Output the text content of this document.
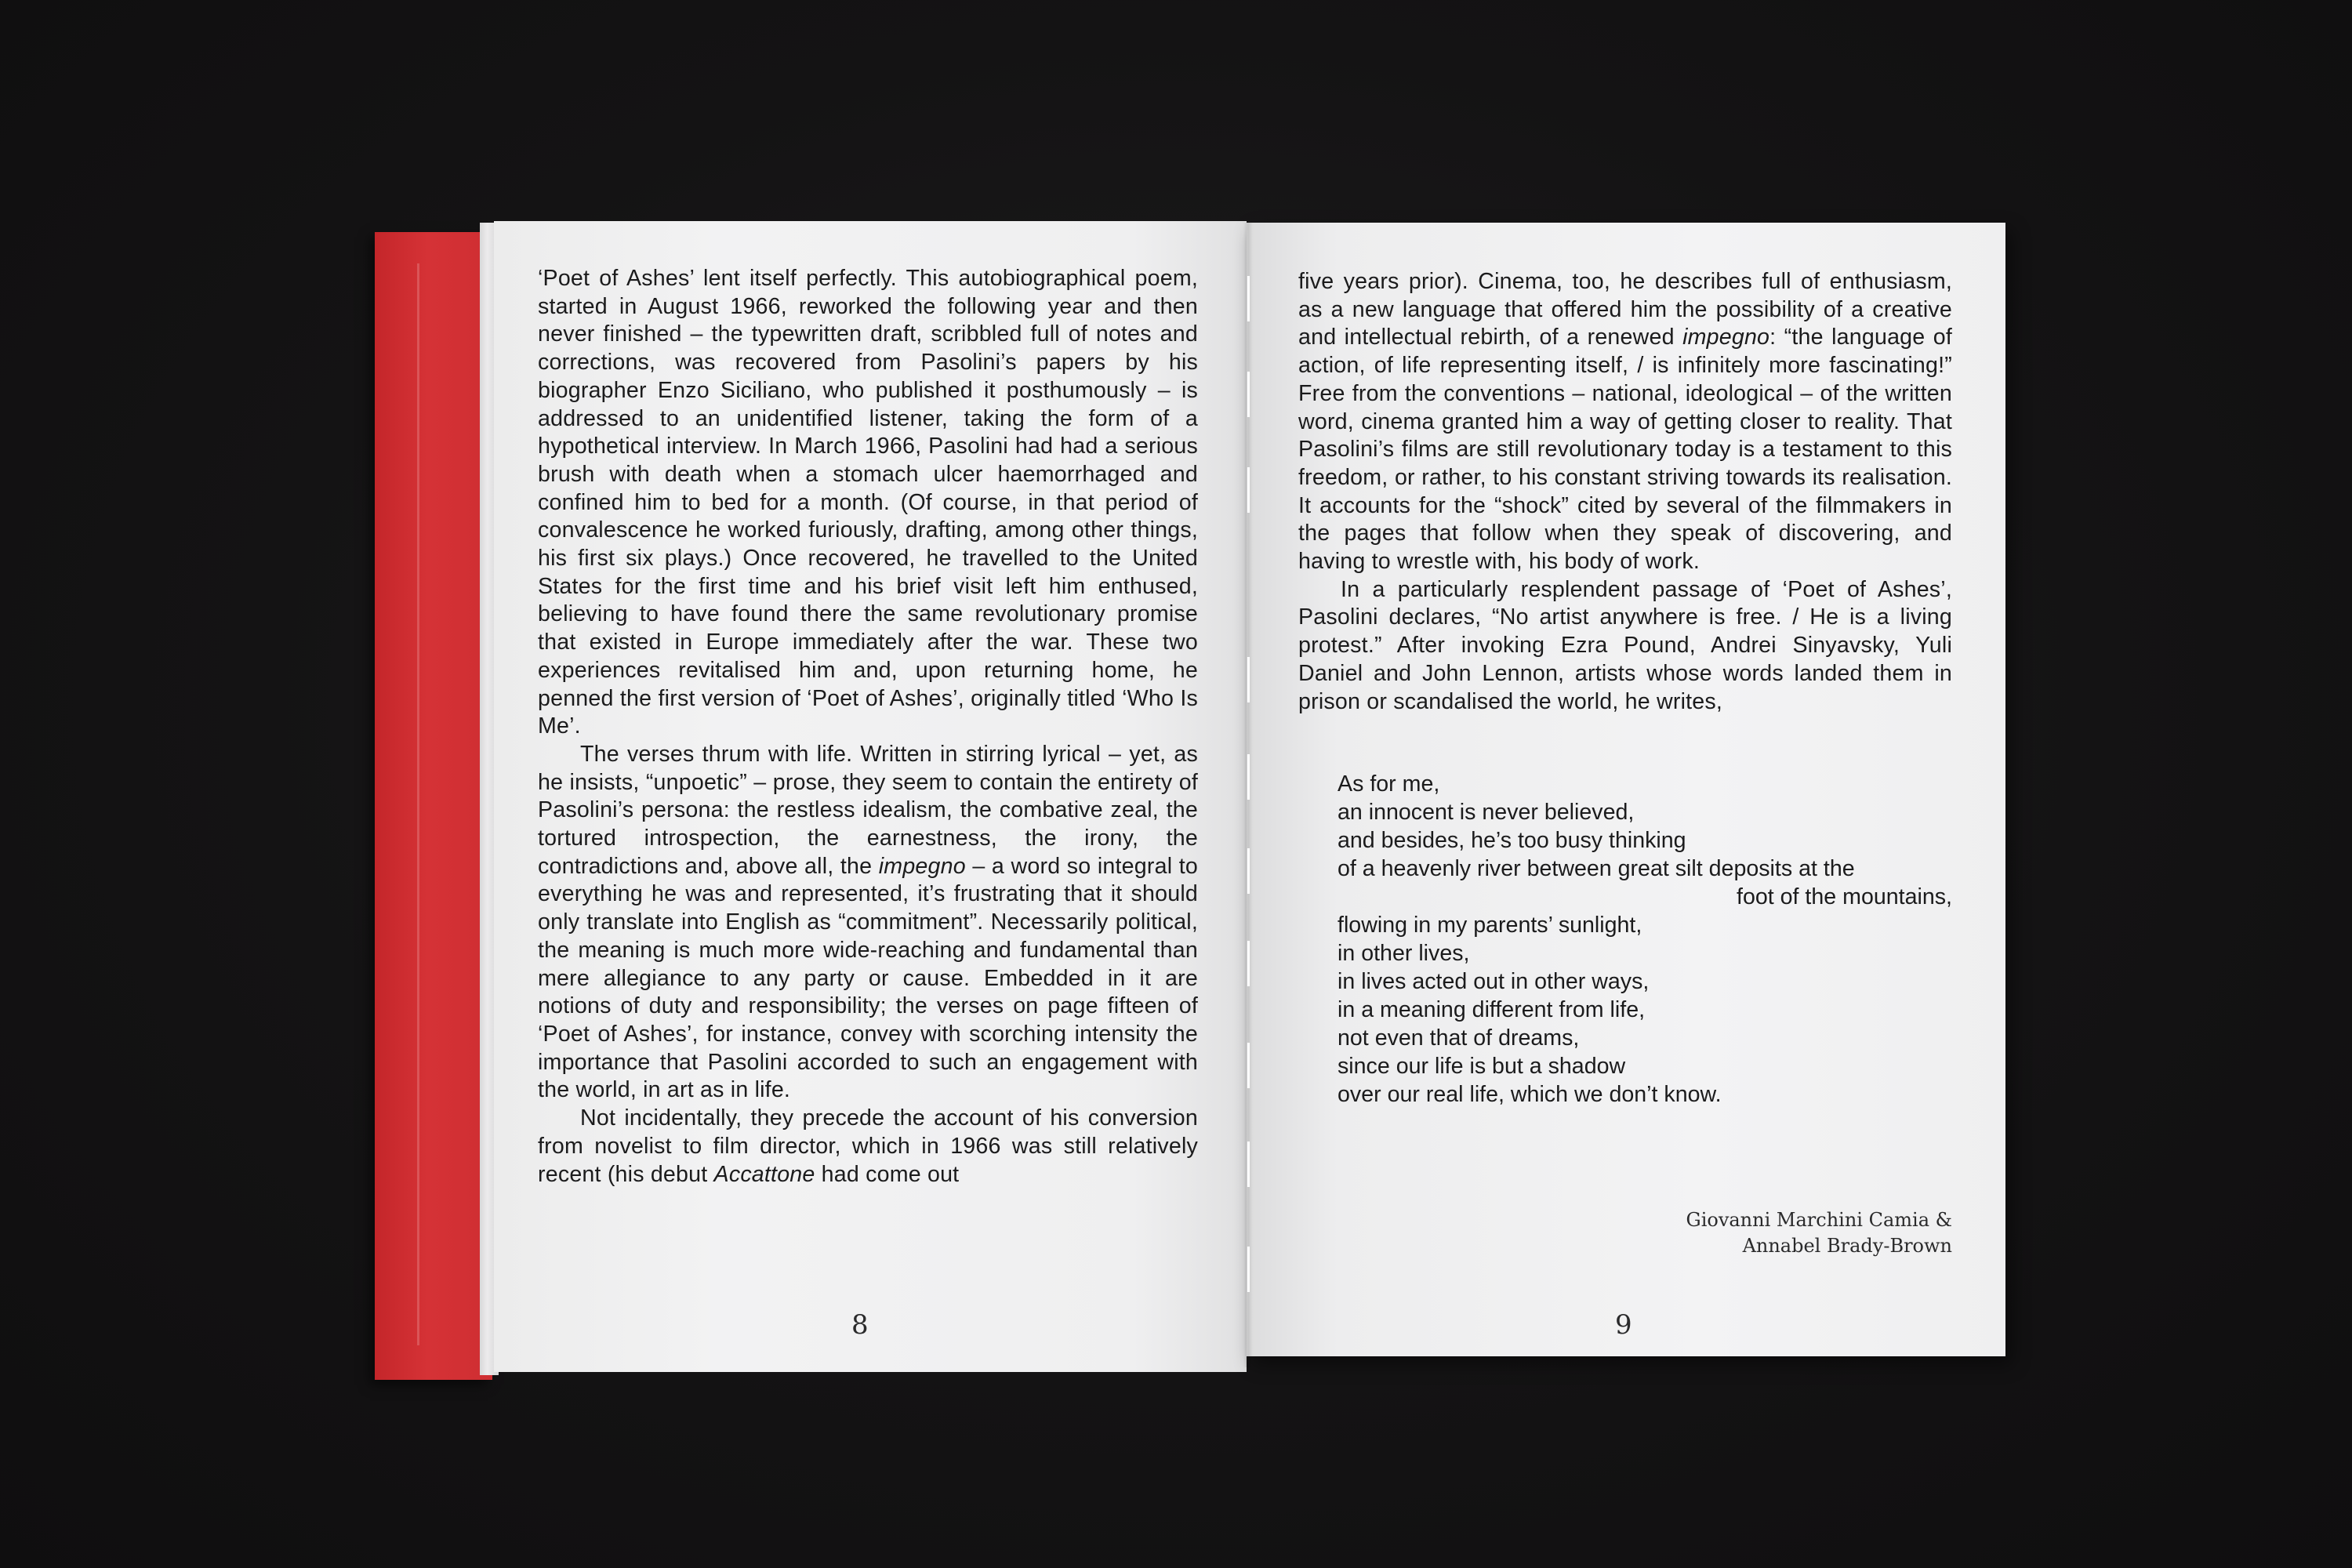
‘Poet of Ashes’ lent itself perfectly. This autobiographical poem, started in August 1966, reworked the following year and then never finished – the typewritten draft, scribbled full of notes and corrections, was recovered from Pasolini’s papers by his biographer Enzo Siciliano, who published it posthumously – is addressed to an unidentified listener, taking the form of a hypothetical interview. In March 1966, Pasolini had had a serious brush with death when a stomach ulcer haemorrhaged and confined him to bed for a month. (Of course, in that period of convalescence he worked furiously, drafting, among other things, his first six plays.) Once recovered, he travelled to the United States for the first time and his brief visit left him enthused, believing to have found there the same revolutionary promise that existed in Europe immediately after the war. These two experiences revitalised him and, upon returning home, he penned the first version of ‘Poet of Ashes’, originally titled ‘Who Is Me’.

The verses thrum with life. Written in stirring lyrical – yet, as he insists, “unpoetic” – prose, they seem to contain the entirety of Pasolini’s persona: the restless idealism, the combative zeal, the tortured introspection, the earnestness, the irony, the contradictions and, above all, the impegno – a word so integral to everything he was and represented, it’s frustrating that it should only translate into English as “commitment”. Necessarily political, the meaning is much more wide-reaching and fundamental than mere allegiance to any party or cause. Embedded in it are notions of duty and responsibility; the verses on page fifteen of ‘Poet of Ashes’, for instance, convey with scorching intensity the importance that Pasolini accorded to such an engagement with the world, in art as in life.

Not incidentally, they precede the account of his conversion from novelist to film director, which in 1966 was still relatively recent (his debut Accattone had come out

five years prior). Cinema, too, he describes full of enthusiasm, as a new language that offered him the possibility of a creative and intellectual rebirth, of a renewed impegno: “the language of action, of life representing itself, / is infinitely more fascinating!” Free from the conventions – national, ideological – of the written word, cinema granted him a way of getting closer to reality. That Pasolini’s films are still revolutionary today is a testament to this freedom, or rather, to his constant striving towards its realisation. It accounts for the “shock” cited by several of the filmmakers in the pages that follow when they speak of discovering, and having to wrestle with, his body of work.

In a particularly resplendent passage of ‘Poet of Ashes’, Pasolini declares, “No artist anywhere is free. / He is a living protest.” After invoking Ezra Pound, Andrei Sinyavsky, Yuli Daniel and John Lennon, artists whose words landed them in prison or scandalised the world, he writes,

As for me,
an innocent is never believed,
and besides, he’s too busy thinking
of a heavenly river between great silt deposits at the
foot of the mountains,
flowing in my parents’ sunlight,
in other lives,
in lives acted out in other ways,
in a meaning different from life,
not even that of dreams,
since our life is but a shadow
over our real life, which we don’t know.
Giovanni Marchini Camia &
Annabel Brady-Brown
8	9
